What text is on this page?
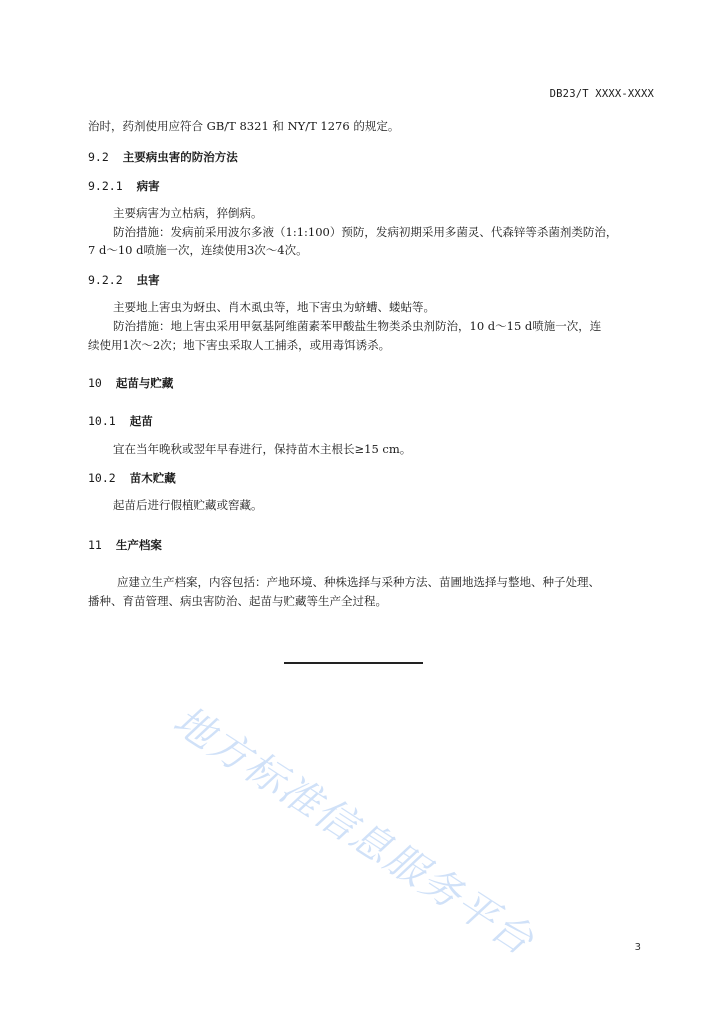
DB23/T XXXX-XXXX
治时，药剂使用应符合 GB/T 8321 和 NY/T 1276 的规定。
9.2 主要病虫害的防治方法
9.2.1 病害
主要病害为立枯病，猝倒病。
防治措施：发病前采用波尔多液（1:1:100）预防，发病初期采用多菌灵、代森锌等杀菌剂类防治，
7 d～10 d喷施一次，连续使用3次～4次。
9.2.2 虫害
主要地上害虫为蚜虫、肖木虱虫等，地下害虫为蛴螬、蝼蛄等。
防治措施：地上害虫采用甲氨基阿维菌素苯甲酸盐生物类杀虫剂防治，10 d～15 d喷施一次，连
续使用1次～2次；地下害虫采取人工捕杀，或用毒饵诱杀。
10 起苗与贮藏
10.1 起苗
宜在当年晚秋或翌年早春进行，保持苗木主根长≥15 cm。
10.2 苗木贮藏
起苗后进行假植贮藏或窖藏。
11 生产档案
应建立生产档案，内容包括：产地环境、种株选择与采种方法、苗圃地选择与整地、种子处理、
播种、育苗管理、病虫害防治、起苗与贮藏等生产全过程。
地方标准信息服务平台	3
